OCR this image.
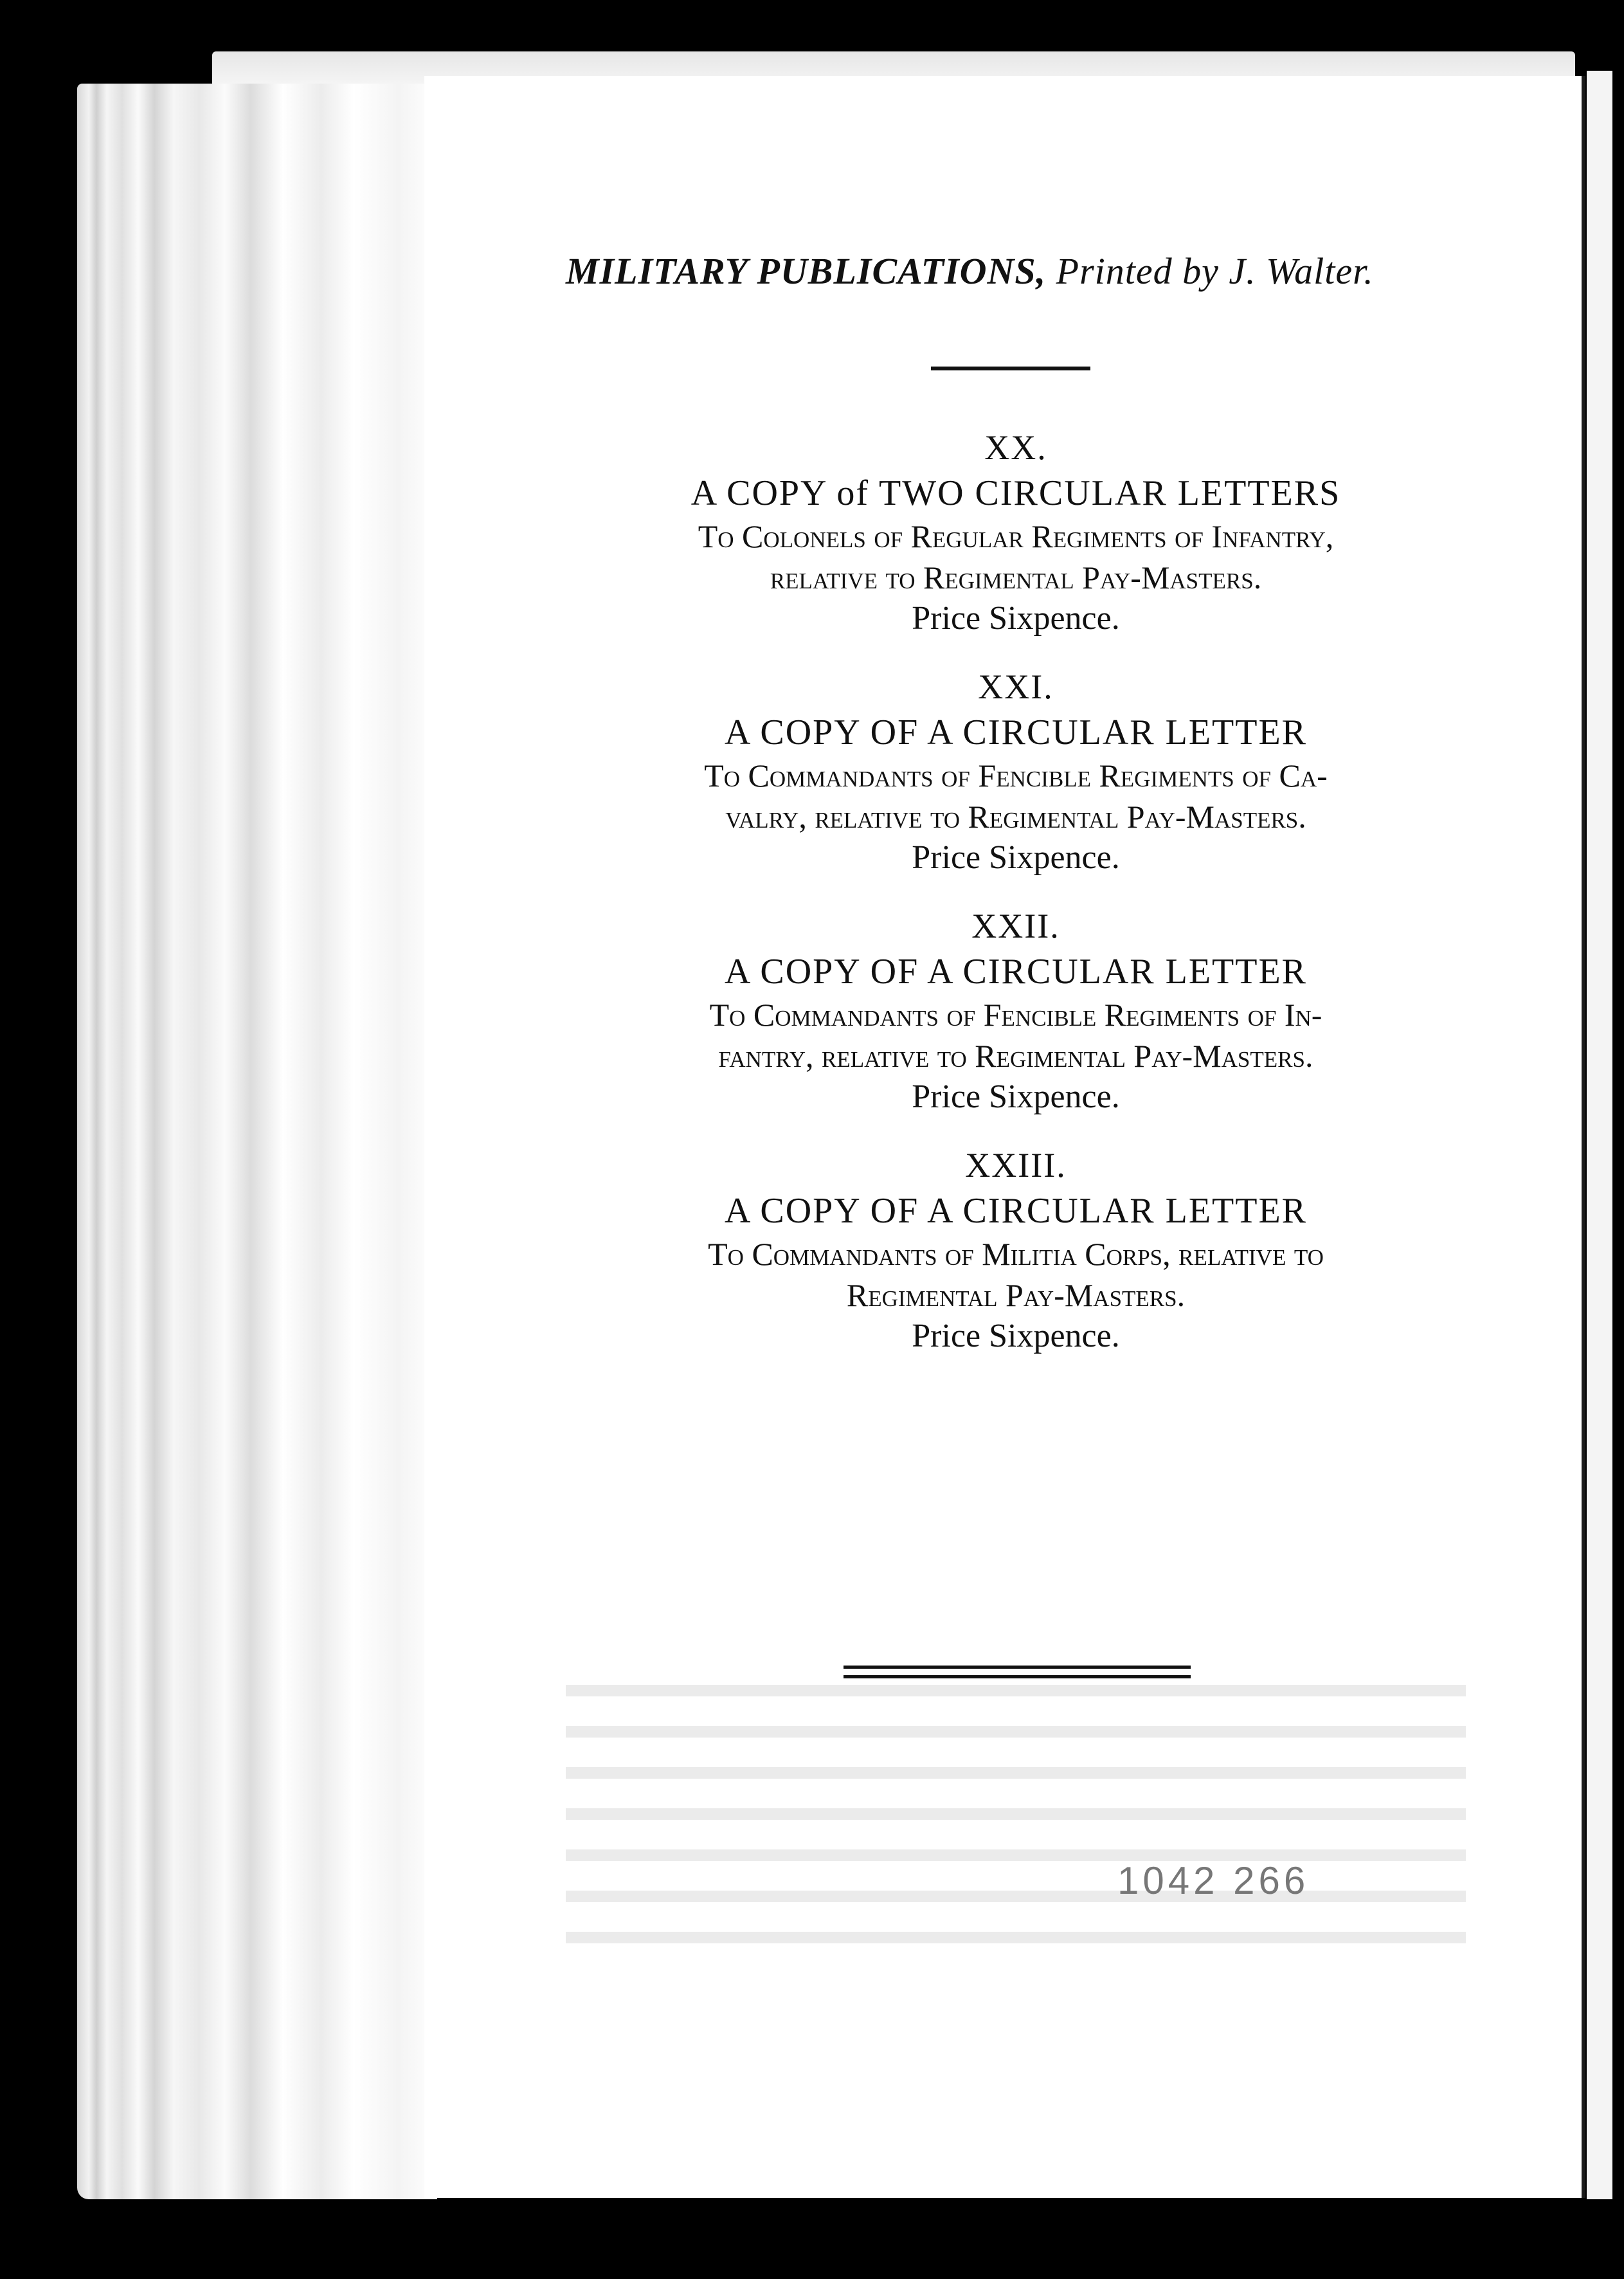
MILITARY PUBLICATIONS, Printed by J. Walter.
XX.
A COPY of TWO CIRCULAR LETTERS
To Colonels of Regular Regiments of Infantry,
relative to Regimental Pay-Masters.
Price Sixpence.
XXI.
A COPY OF A CIRCULAR LETTER
To Commandants of Fencible Regiments of Ca-
valry, relative to Regimental Pay-Masters.
Price Sixpence.
XXII.
A COPY OF A CIRCULAR LETTER
To Commandants of Fencible Regiments of In-
fantry, relative to Regimental Pay-Masters.
Price Sixpence.
XXIII.
A COPY OF A CIRCULAR LETTER
To Commandants of Militia Corps, relative to
Regimental Pay-Masters.
Price Sixpence.
1042 266
